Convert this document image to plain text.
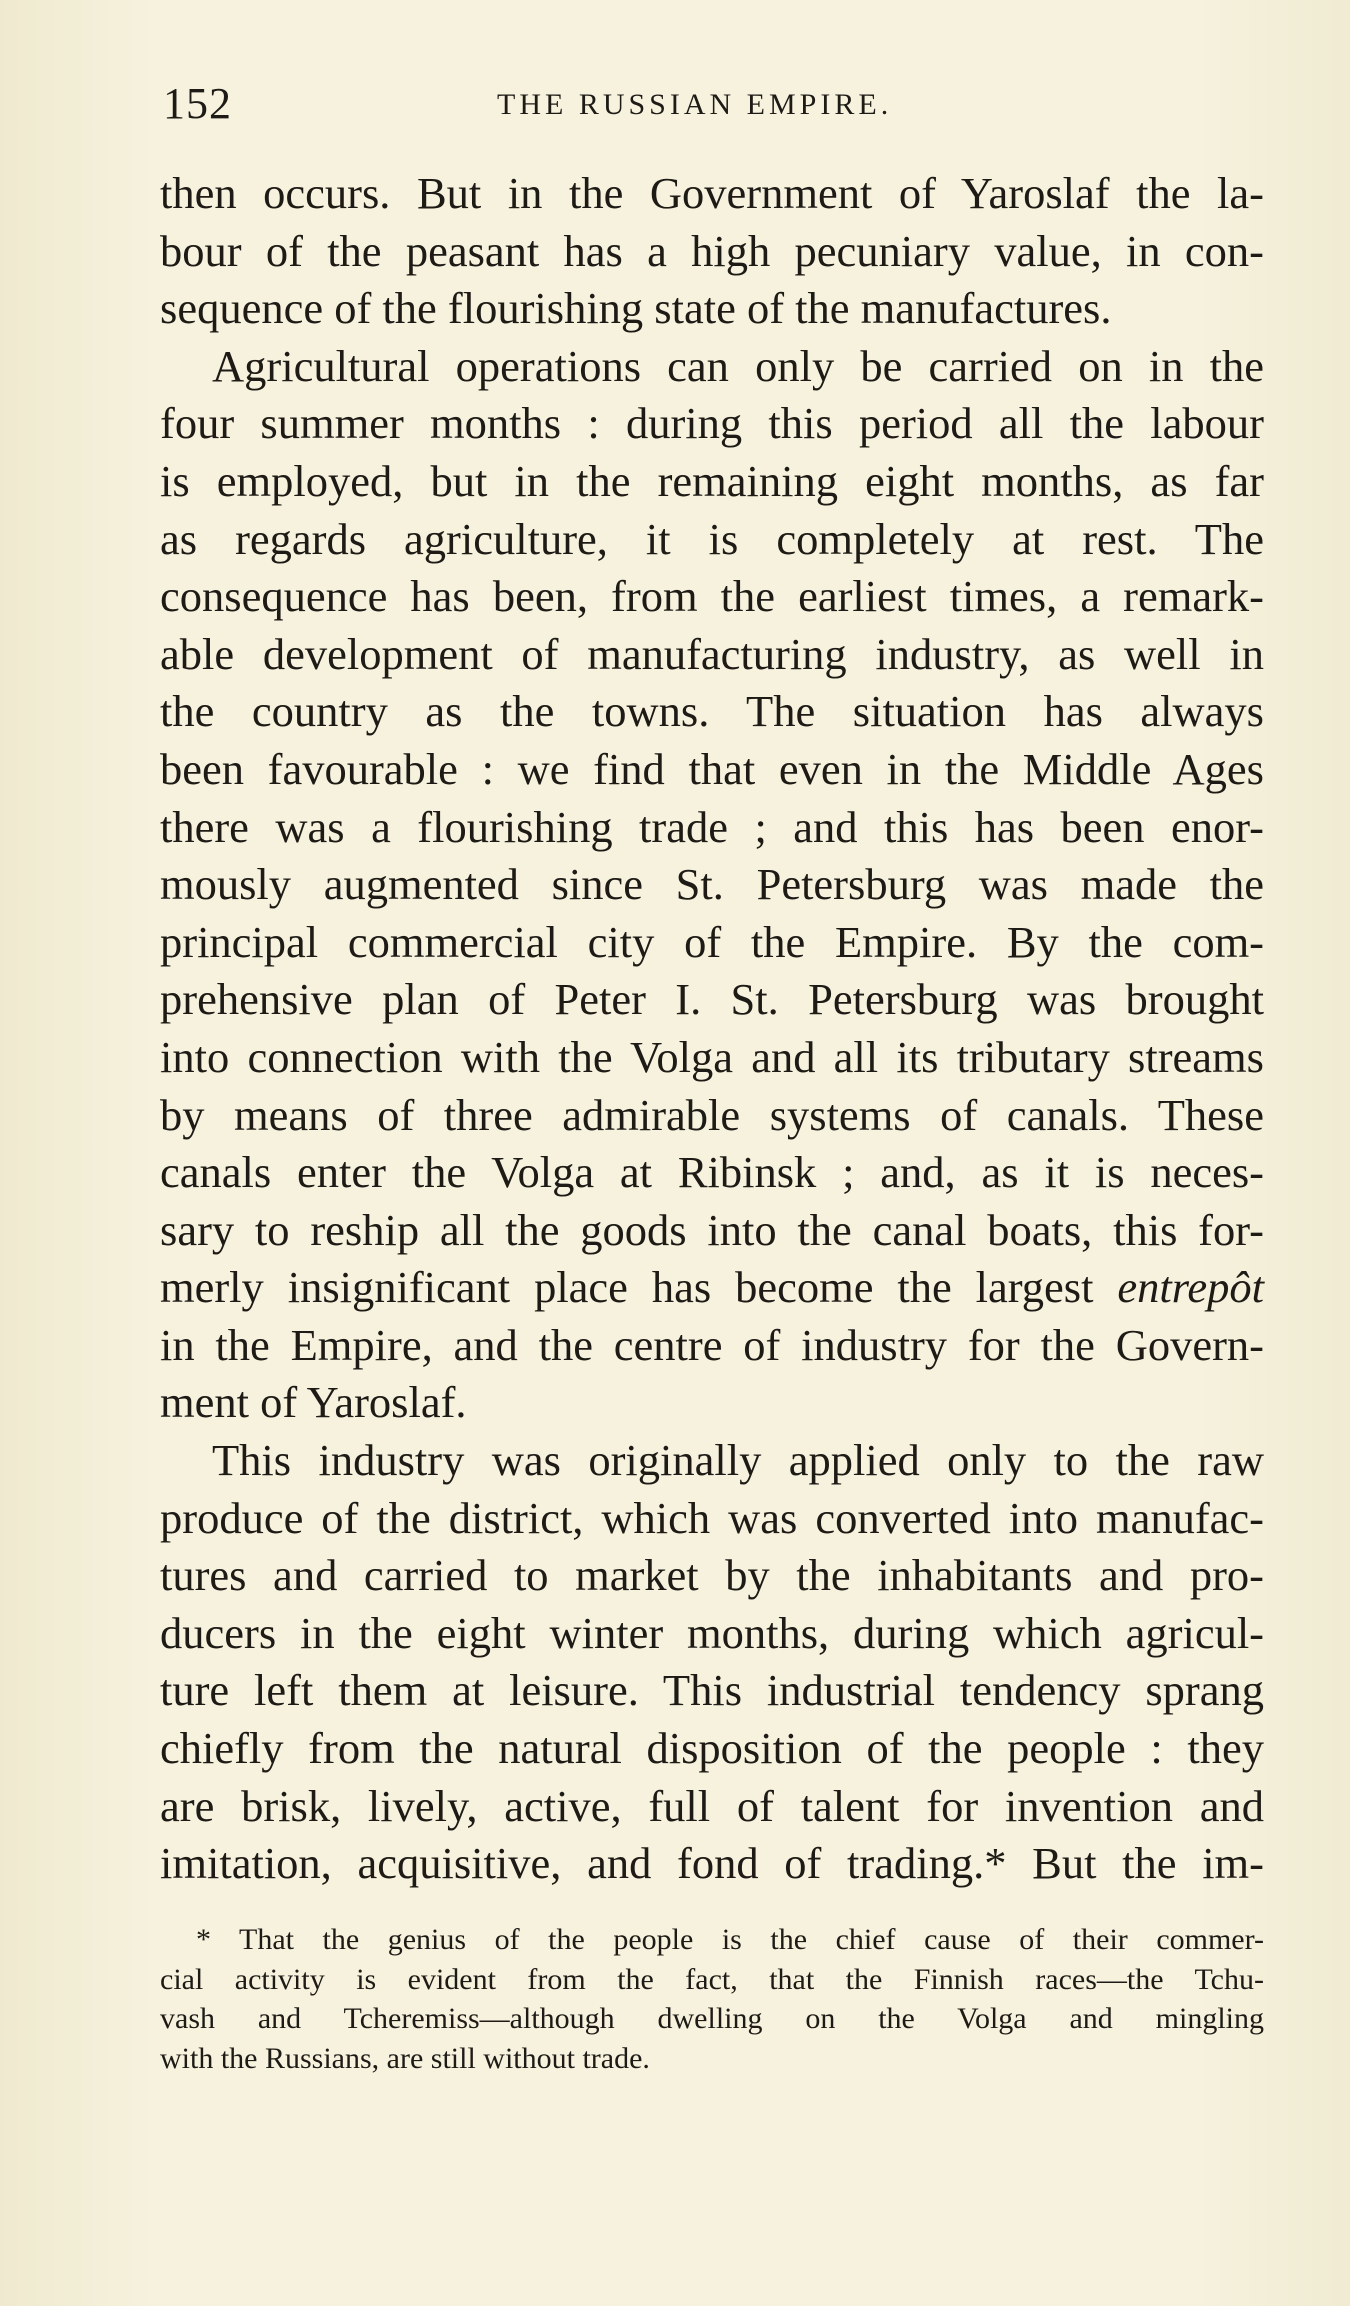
152	THE RUSSIAN EMPIRE.
then occurs. But in the Government of Yaroslaf the la-
bour of the peasant has a high pecuniary value, in con-
sequence of the flourishing state of the manufactures.
Agricultural operations can only be carried on in the
four summer months : during this period all the labour
is employed, but in the remaining eight months, as far
as regards agriculture, it is completely at rest. The
consequence has been, from the earliest times, a remark-
able development of manufacturing industry, as well in
the country as the towns. The situation has always
been favourable : we find that even in the Middle Ages
there was a flourishing trade ; and this has been enor-
mously augmented since St. Petersburg was made the
principal commercial city of the Empire. By the com-
prehensive plan of Peter I. St. Petersburg was brought
into connection with the Volga and all its tributary streams
by means of three admirable systems of canals. These
canals enter the Volga at Ribinsk ; and, as it is neces-
sary to reship all the goods into the canal boats, this for-
merly insignificant place has become the largest entrepôt
in the Empire, and the centre of industry for the Govern-
ment of Yaroslaf.
This industry was originally applied only to the raw
produce of the district, which was converted into manufac-
tures and carried to market by the inhabitants and pro-
ducers in the eight winter months, during which agricul-
ture left them at leisure. This industrial tendency sprang
chiefly from the natural disposition of the people : they
are brisk, lively, active, full of talent for invention and
imitation, acquisitive, and fond of trading.* But the im-
* That the genius of the people is the chief cause of their commer-
cial activity is evident from the fact, that the Finnish races—the Tchu-
vash and Tcheremiss—although dwelling on the Volga and mingling
with the Russians, are still without trade.
